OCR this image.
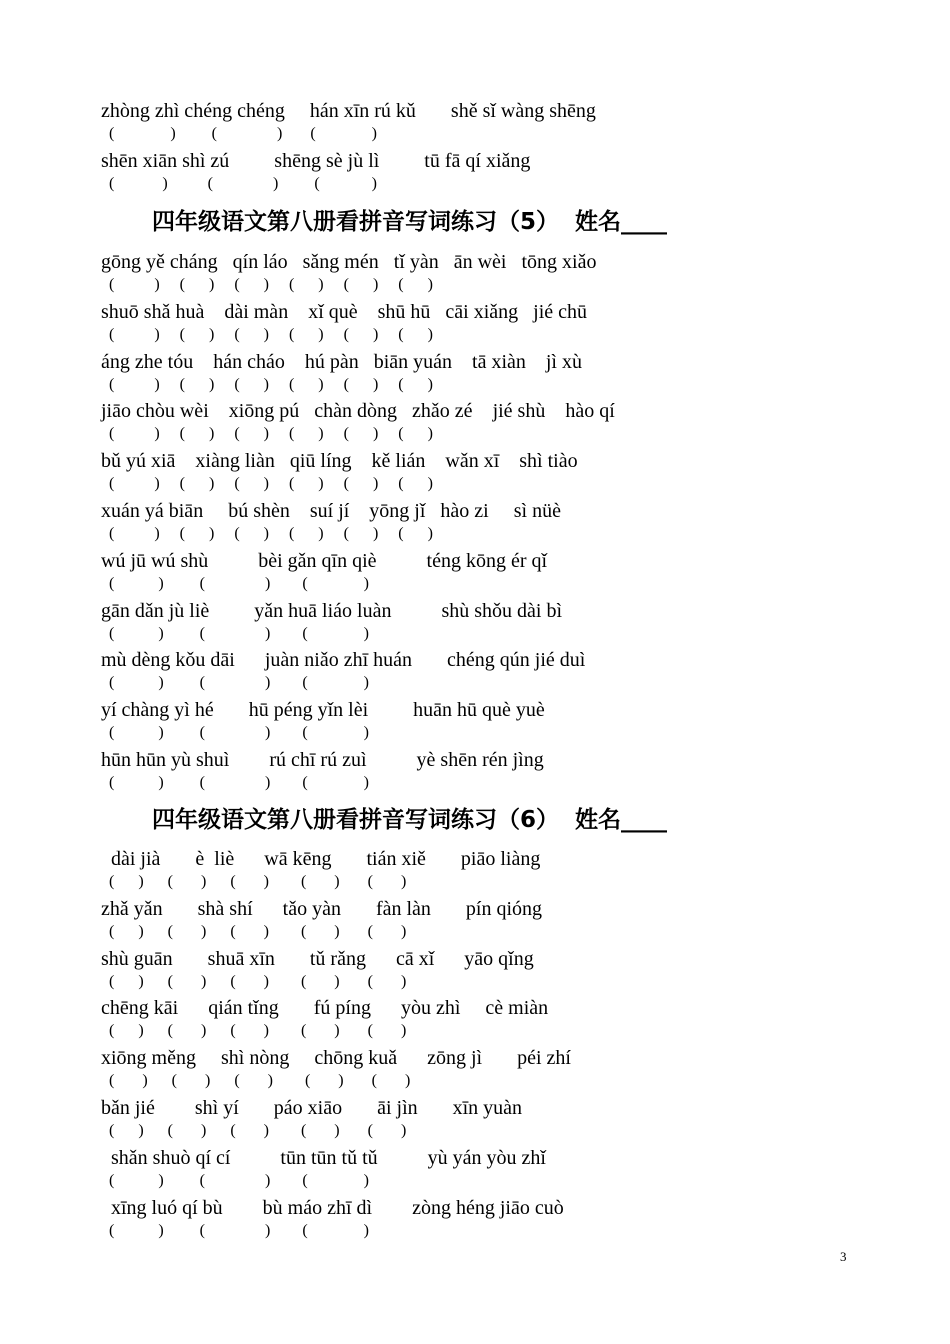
zhòng zhì chéng chéng     hán xīn rú kǔ       shě sǐ wàng shēng
(              )         (               )       (              )
shēn xiān shì zú         shēng sè jù lì         tū fā qí xiǎng
(            )          (               )         (             )
四年级语文第八册看拼音写词练习（5）  姓名____
gōng yě cháng   qín láo   sǎng mén   tǐ yàn   ān wèi   tōng xiǎo
(          )     (      )     (      )     (      )     (      )     (      )
shuō shǎ huà    dài màn    xǐ què    shū hū   cāi xiǎng   jié chū
(          )     (      )     (      )     (      )     (      )     (      )
áng zhe tóu    hán cháo    hú pàn   biān yuán    tā xiàn    jì xù
(          )     (      )     (      )     (      )     (      )     (      )
jiāo chòu wèi    xiōng pú   chàn dòng   zhǎo zé    jié shù    hào qí
(          )     (      )     (      )     (      )     (      )     (      )
bǔ yú xiā    xiàng liàn   qiū líng    kě lián    wǎn xī    shì tiào
(          )     (      )     (      )     (      )     (      )     (      )
xuán yá biān     bú shèn    suí jí    yōng jǐ   hào zi     sì nüè
(          )     (      )     (      )     (      )     (      )     (      )
wú jū wú shù          bèi gǎn qīn qiè          téng kōng ér qǐ
(           )         (               )        (              )
gān dǎn jù liè         yǎn huā liáo luàn          shù shǒu dài bì
(           )         (               )        (              )
mù dèng kǒu dāi      juàn niǎo zhī huán       chéng qún jié duì
(           )         (               )        (              )
yí chàng yì hé       hū péng yǐn lèi         huān hū què yuè
(           )         (               )        (              )
hūn hūn yù shuì        rú chī rú zuì          yè shēn rén jìng
(           )         (               )        (              )
四年级语文第八册看拼音写词练习（6）  姓名____
dài jià       è  liè      wā kēng       tián xiě       piāo liàng
(      )      (       )      (       )        (       )       (       )
zhǎ yǎn       shà shí      tǎo yàn       fàn làn       pín qióng
(      )      (       )      (       )        (       )       (       )
shù guān       shuā xīn       tǔ rǎng      cā xǐ      yāo qǐng
(      )      (       )      (       )        (       )       (       )
chēng kāi      qián tǐng       fú píng      yòu zhì     cè miàn
(      )      (       )      (       )        (       )       (       )
xiōng měng     shì nòng     chōng kuǎ      zōng jì       péi zhí
(       )      (       )      (       )        (       )       (       )
bǎn jié        shì yí       páo xiāo       āi jìn       xīn yuàn
(      )      (       )      (       )        (       )       (       )
shǎn shuò qí cí          tūn tūn tǔ tǔ          yù yán yòu zhǐ
(           )         (               )        (              )
xīng luó qí bù        bù máo zhī dì        zòng héng jiāo cuò
(           )         (               )        (              )
3
